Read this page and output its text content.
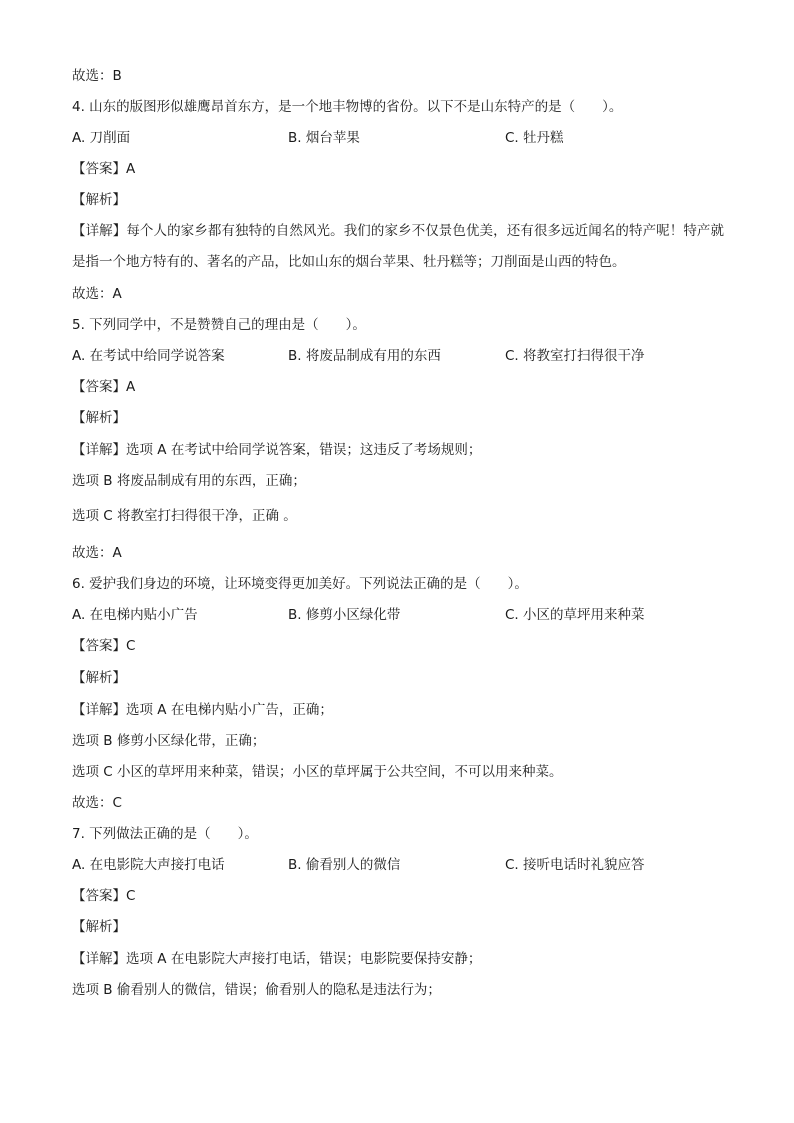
故选：B
4. 山东的版图形似雄鹰昂首东方，是一个地丰物博的省份。以下不是山东特产的是（　　）。
A. 刀削面	B. 烟台苹果	C. 牡丹糕
【答案】A
【解析】
【详解】每个人的家乡都有独特的自然风光。我们的家乡不仅景色优美，还有很多远近闻名的特产呢！特产就是指一个地方特有的、著名的产品，比如山东的烟台苹果、牡丹糕等；刀削面是山西的特色。
故选：A
5. 下列同学中，不是赞赞自己的理由是（　　）。
A. 在考试中给同学说答案	B. 将废品制成有用的东西	C. 将教室打扫得很干净
【答案】A
【解析】
【详解】选项 A 在考试中给同学说答案，错误；这违反了考场规则；
选项 B 将废品制成有用的东西，正确；
选项 C 将教室打扫得很干净，正确 。
故选：A
6. 爱护我们身边的环境，让环境变得更加美好。下列说法正确的是（　　）。
A. 在电梯内贴小广告	B. 修剪小区绿化带	C. 小区的草坪用来种菜
【答案】C
【解析】
【详解】选项 A 在电梯内贴小广告，正确；
选项 B 修剪小区绿化带，正确；
选项 C 小区的草坪用来种菜，错误；小区的草坪属于公共空间，不可以用来种菜。
故选：C
7. 下列做法正确的是（　　）。
A. 在电影院大声接打电话	B. 偷看别人的微信	C. 接听电话时礼貌应答
【答案】C
【解析】
【详解】选项 A 在电影院大声接打电话，错误；电影院要保持安静；
选项 B 偷看别人的微信，错误；偷看别人的隐私是违法行为；
